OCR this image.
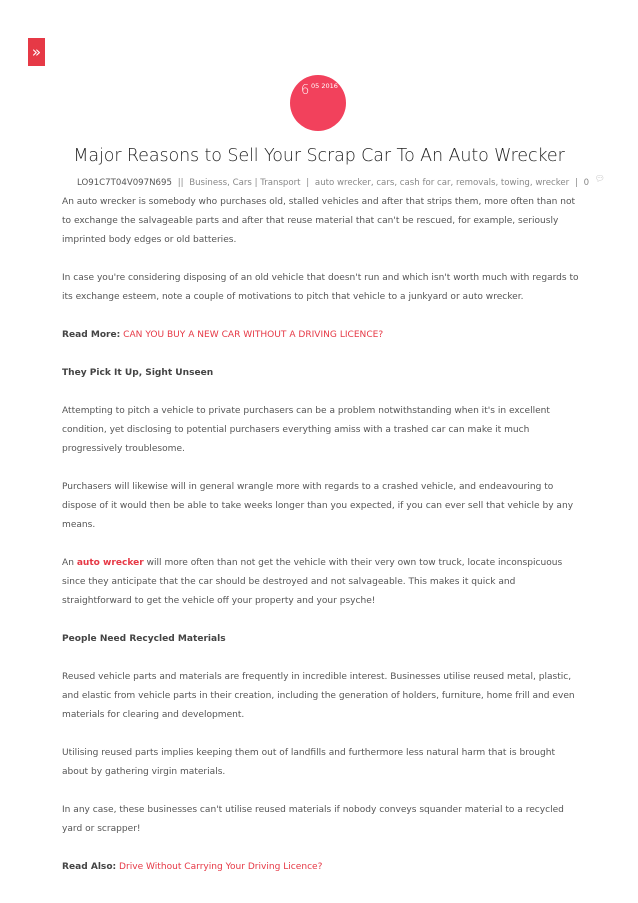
»
6 05 2016
Major Reasons to Sell Your Scrap Car To An Auto Wrecker
LO91C7T04V097N695 || Business, Cars | Transport | auto wrecker, cars, cash for car, removals, towing, wrecker | 0 💬︎

An auto wrecker is somebody who purchases old, stalled vehicles and after that strips them, more often than not to exchange the salvageable parts and after that reuse material that can't be rescued, for example, seriously imprinted body edges or old batteries.

In case you're considering disposing of an old vehicle that doesn't run and which isn't worth much with regards to its exchange esteem, note a couple of motivations to pitch that vehicle to a junkyard or auto wrecker.

Read More: CAN YOU BUY A NEW CAR WITHOUT A DRIVING LICENCE?

They Pick It Up, Sight Unseen

Attempting to pitch a vehicle to private purchasers can be a problem notwithstanding when it's in excellent condition, yet disclosing to potential purchasers everything amiss with a trashed car can make it much progressively troublesome.

Purchasers will likewise will in general wrangle more with regards to a crashed vehicle, and endeavouring to dispose of it would then be able to take weeks longer than you expected, if you can ever sell that vehicle by any means.

An auto wrecker will more often than not get the vehicle with their very own tow truck, locate inconspicuous since they anticipate that the car should be destroyed and not salvageable. This makes it quick and straightforward to get the vehicle off your property and your psyche!

People Need Recycled Materials

Reused vehicle parts and materials are frequently in incredible interest. Businesses utilise reused metal, plastic, and elastic from vehicle parts in their creation, including the generation of holders, furniture, home frill and even materials for clearing and development.

Utilising reused parts implies keeping them out of landfills and furthermore less natural harm that is brought about by gathering virgin materials.

In any case, these businesses can't utilise reused materials if nobody conveys squander material to a recycled yard or scrapper!

Read Also: Drive Without Carrying Your Driving Licence?
